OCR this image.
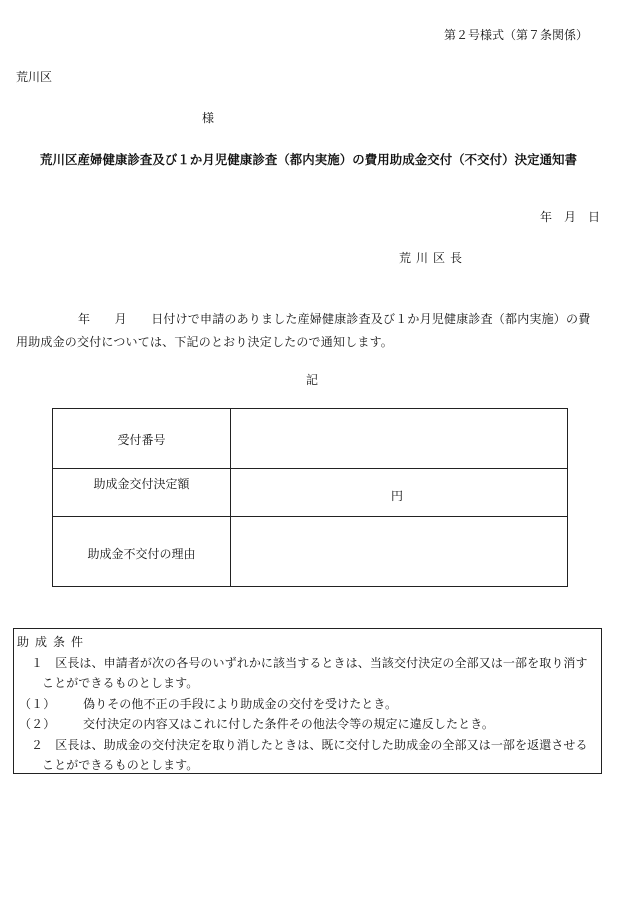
第２号様式（第７条関係）
荒川区
様
荒川区産婦健康診査及び１か月児健康診査（都内実施）の費用助成金交付（不交付）決定通知書
年　月　日
荒川区長
年　　月　　日付けで申請のありました産婦健康診査及び１か月児健康診査（都内実施）の費用助成金の交付については、下記のとおり決定したので通知します。
記
受付番号
助成金交付決定額
円
助成金不交付の理由
助成条件
１　 区長は、申請者が次の各号のいずれかに該当するときは、当該交付決定の全部又は一部を取り消す
ことができるものとします。
（１） 偽りその他不正の手段により助成金の交付を受けたとき。
（２） 交付決定の内容又はこれに付した条件その他法令等の規定に違反したとき。
２　 区長は、助成金の交付決定を取り消したときは、既に交付した助成金の全部又は一部を返還させる
ことができるものとします。
